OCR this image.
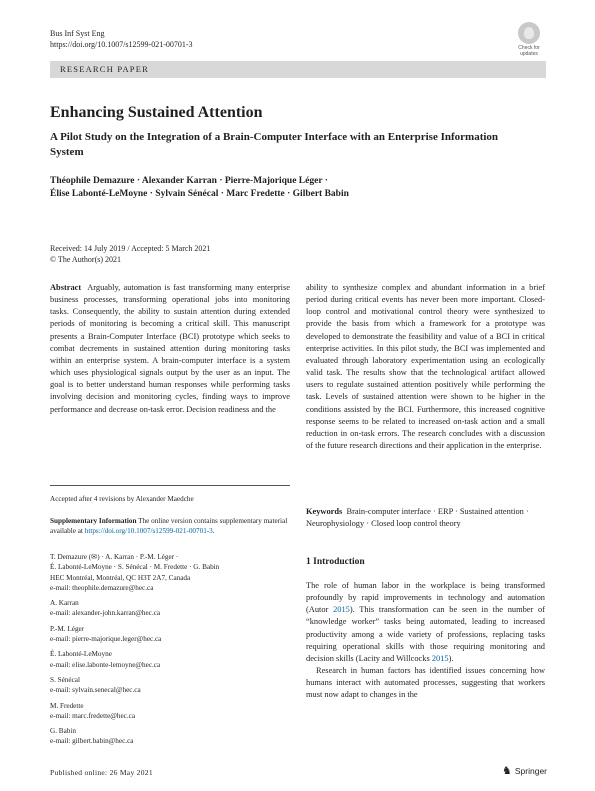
Bus Inf Syst Eng
https://doi.org/10.1007/s12599-021-00701-3	Check for updates
RESEARCH PAPER
Enhancing Sustained Attention
A Pilot Study on the Integration of a Brain-Computer Interface with an Enterprise Information System
Théophile Demazure · Alexander Karran · Pierre-Majorique Léger ·
Élise Labonté-LeMoyne · Sylvain Sénécal · Marc Fredette · Gilbert Babin
Received: 14 July 2019 / Accepted: 5 March 2021
© The Author(s) 2021

Abstract Arguably, automation is fast transforming many enterprise business processes, transforming operational jobs into monitoring tasks. Consequently, the ability to sustain attention during extended periods of monitoring is becoming a critical skill. This manuscript presents a Brain-Computer Interface (BCI) prototype which seeks to combat decrements in sustained attention during monitoring tasks within an enterprise system. A brain-computer interface is a system which uses physiological signals output by the user as an input. The goal is to better understand human responses while performing tasks involving decision and monitoring cycles, finding ways to improve performance and decrease on-task error. Decision readiness and the

ability to synthesize complex and abundant information in a brief period during critical events has never been more important. Closed-loop control and motivational control theory were synthesized to provide the basis from which a framework for a prototype was developed to demonstrate the feasibility and value of a BCI in critical enterprise activities. In this pilot study, the BCI was implemented and evaluated through laboratory experimentation using an ecologically valid task. The results show that the technological artifact allowed users to regulate sustained attention positively while performing the task. Levels of sustained attention were shown to be higher in the conditions assisted by the BCI. Furthermore, this increased cognitive response seems to be related to increased on-task action and a small reduction in on-task errors. The research concludes with a discussion of the future research directions and their application in the enterprise.

Keywords Brain-computer interface · ERP · Sustained attention · Neurophysiology · Closed loop control theory

Accepted after 4 revisions by Alexander Maedche
Supplementary Information The online version contains supplementary material available at https://doi.org/10.1007/s12599-021-00701-3.
T. Demazure (✉) · A. Karran · P.-M. Léger ·
É. Labonté-LeMoyne · S. Sénécal · M. Fredette · G. Babin
HEC Montréal, Montréal, QC H3T 2A7, Canada
e-mail: theophile.demazure@hec.ca
A. Karran
e-mail: alexander-john.karran@hec.ca
P.-M. Léger
e-mail: pierre-majorique.leger@hec.ca
É. Labonté-LeMoyne
e-mail: elise.labonte-lemoyne@hec.ca
S. Sénécal
e-mail: sylvain.senecal@hec.ca
M. Fredette
e-mail: marc.fredette@hec.ca
G. Babin
e-mail: gilbert.babin@hec.ca
1 Introduction

The role of human labor in the workplace is being transformed profoundly by rapid improvements in technology and automation (Autor 2015). This transformation can be seen in the number of “knowledge worker” tasks being automated, leading to increased productivity among a wide variety of professions, replacing tasks requiring operational skills with those requiring monitoring and decision skills (Lacity and Willcocks 2015).

Research in human factors has identified issues concerning how humans interact with automated processes, suggesting that workers must now adapt to changes in the

Published online: 26 May 2021	♞ Springer
